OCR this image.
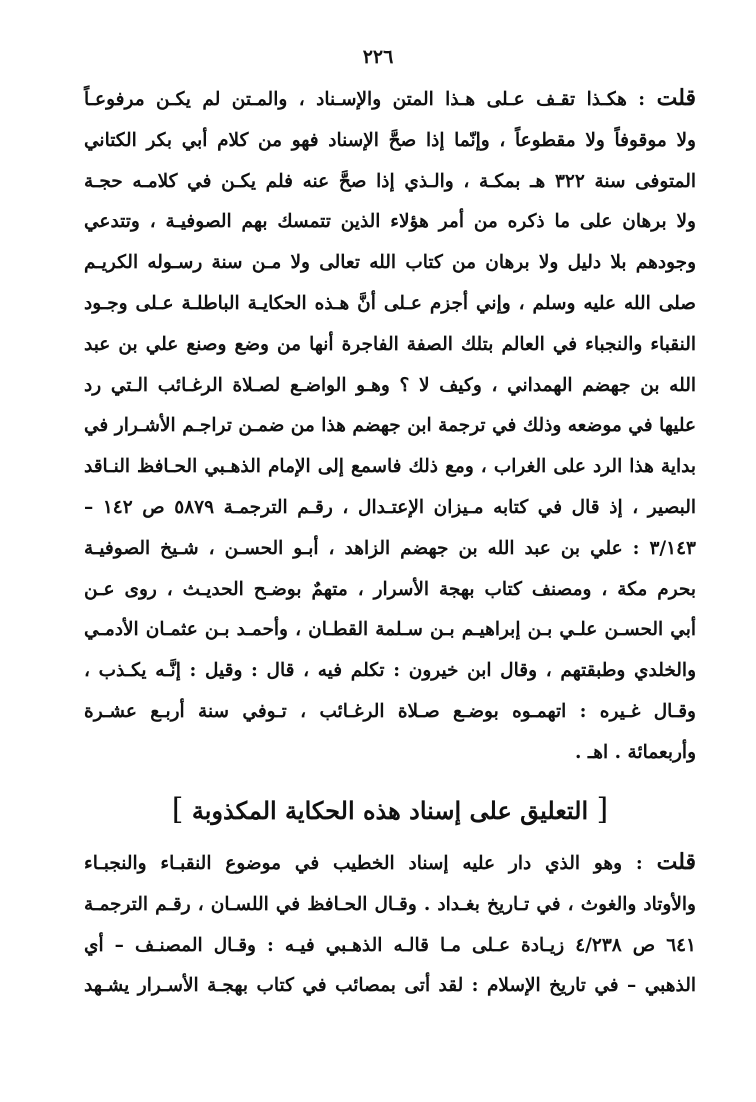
٢٢٦
قلت : هكـذا تقـف عـلى هـذا المتن والإسـناد ، والمـتن لم يكـن مرفوعـاً
ولا موقوفاً ولا مقطوعاً ، وإنّما إذا صحَّ الإسناد فهو من كلام أبي بكر الكتاني
المتوفى سنة ٣٢٢ هـ بمكـة ، والـذي إذا صحَّ عنه فلم يكـن في كلامـه حجـة
ولا برهان على ما ذكره من أمر هؤلاء الذين تتمسك بهم الصوفيـة ، وتتدعي
وجودهم بلا دليل ولا برهان من كتاب الله تعالى ولا مـن سنة رسـوله الكريـم
صلى الله عليه وسلم ، وإني أجزم عـلى أنَّ هـذه الحكايـة الباطلـة عـلى وجـود
النقباء والنجباء في العالم بتلك الصفة الفاجرة أنها من وضع وصنع علي بن عبد
الله بن جهضم الهمداني ، وكيف لا ؟ وهـو الواضـع لصـلاة الرغـائب الـتي رد
عليها في موضعه وذلك في ترجمة ابن جهضم هذا من ضمـن تراجـم الأشـرار في
بداية هذا الرد على الغراب ، ومع ذلك فاسمع إلى الإمام الذهـبي الحـافظ النـاقد
البصير ، إذ قال في كتابه مـيزان الإعتـدال ، رقـم الترجمـة ٥٨٧٩ ص ١٤٢ –
٣/١٤٣ : علي بن عبد الله بن جهضم الزاهد ، أبـو الحسـن ، شـيخ الصوفيـة
بحرم مكة ، ومصنف كتاب بهجة الأسرار ، متهمٌ بوضـح الحديـث ، روى عـن
أبي الحسـن علـي بـن إبراهيـم بـن سـلمة القطـان ، وأحمـد بـن عثمـان الأدمـي
والخلدي وطبقتهم ، وقال ابن خيرون : تكلم فيه ، قال : وقيل : إنَّـه يكـذب ،
وقـال غـيره : اتهمـوه بوضـع صـلاة الرغـائب ، تـوفي سنة أربـع عشـرة
وأربعمائة . اهـ .
[ التعليق على إسناد هذه الحكاية المكذوبة ]
قلت : وهو الذي دار عليه إسناد الخطيب في موضوع النقبـاء والنجبـاء
والأوتاد والغوث ، في تـاريخ بغـداد . وقـال الحـافظ في اللسـان ، رقـم الترجمـة
٦٤١ ص ٤/٢٣٨ زيـادة عـلى مـا قالـه الذهـبي فيـه : وقـال المصنـف – أي
الذهبي – في تاريخ الإسلام : لقد أتى بمصائب في كتاب بهجـة الأسـرار يشـهد
